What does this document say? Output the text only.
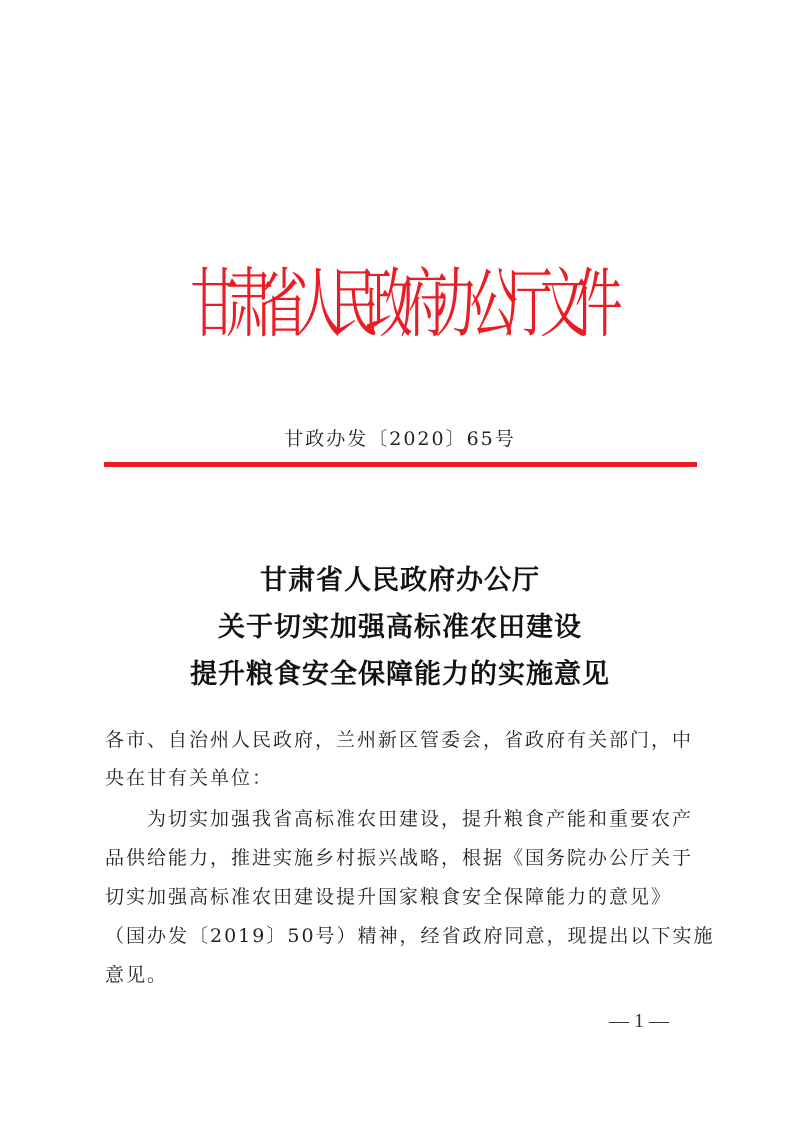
甘肃省人民政府办公厅文件
甘政办发〔2020〕65号
甘肃省人民政府办公厅
关于切实加强高标准农田建设
提升粮食安全保障能力的实施意见
各市、自治州人民政府，兰州新区管委会，省政府有关部门，中
央在甘有关单位：
　　为切实加强我省高标准农田建设，提升粮食产能和重要农产
品供给能力，推进实施乡村振兴战略，根据《国务院办公厅关于
切实加强高标准农田建设提升国家粮食安全保障能力的意见》
（国办发〔2019〕50号）精神，经省政府同意，现提出以下实施
意见。
— 1 —
